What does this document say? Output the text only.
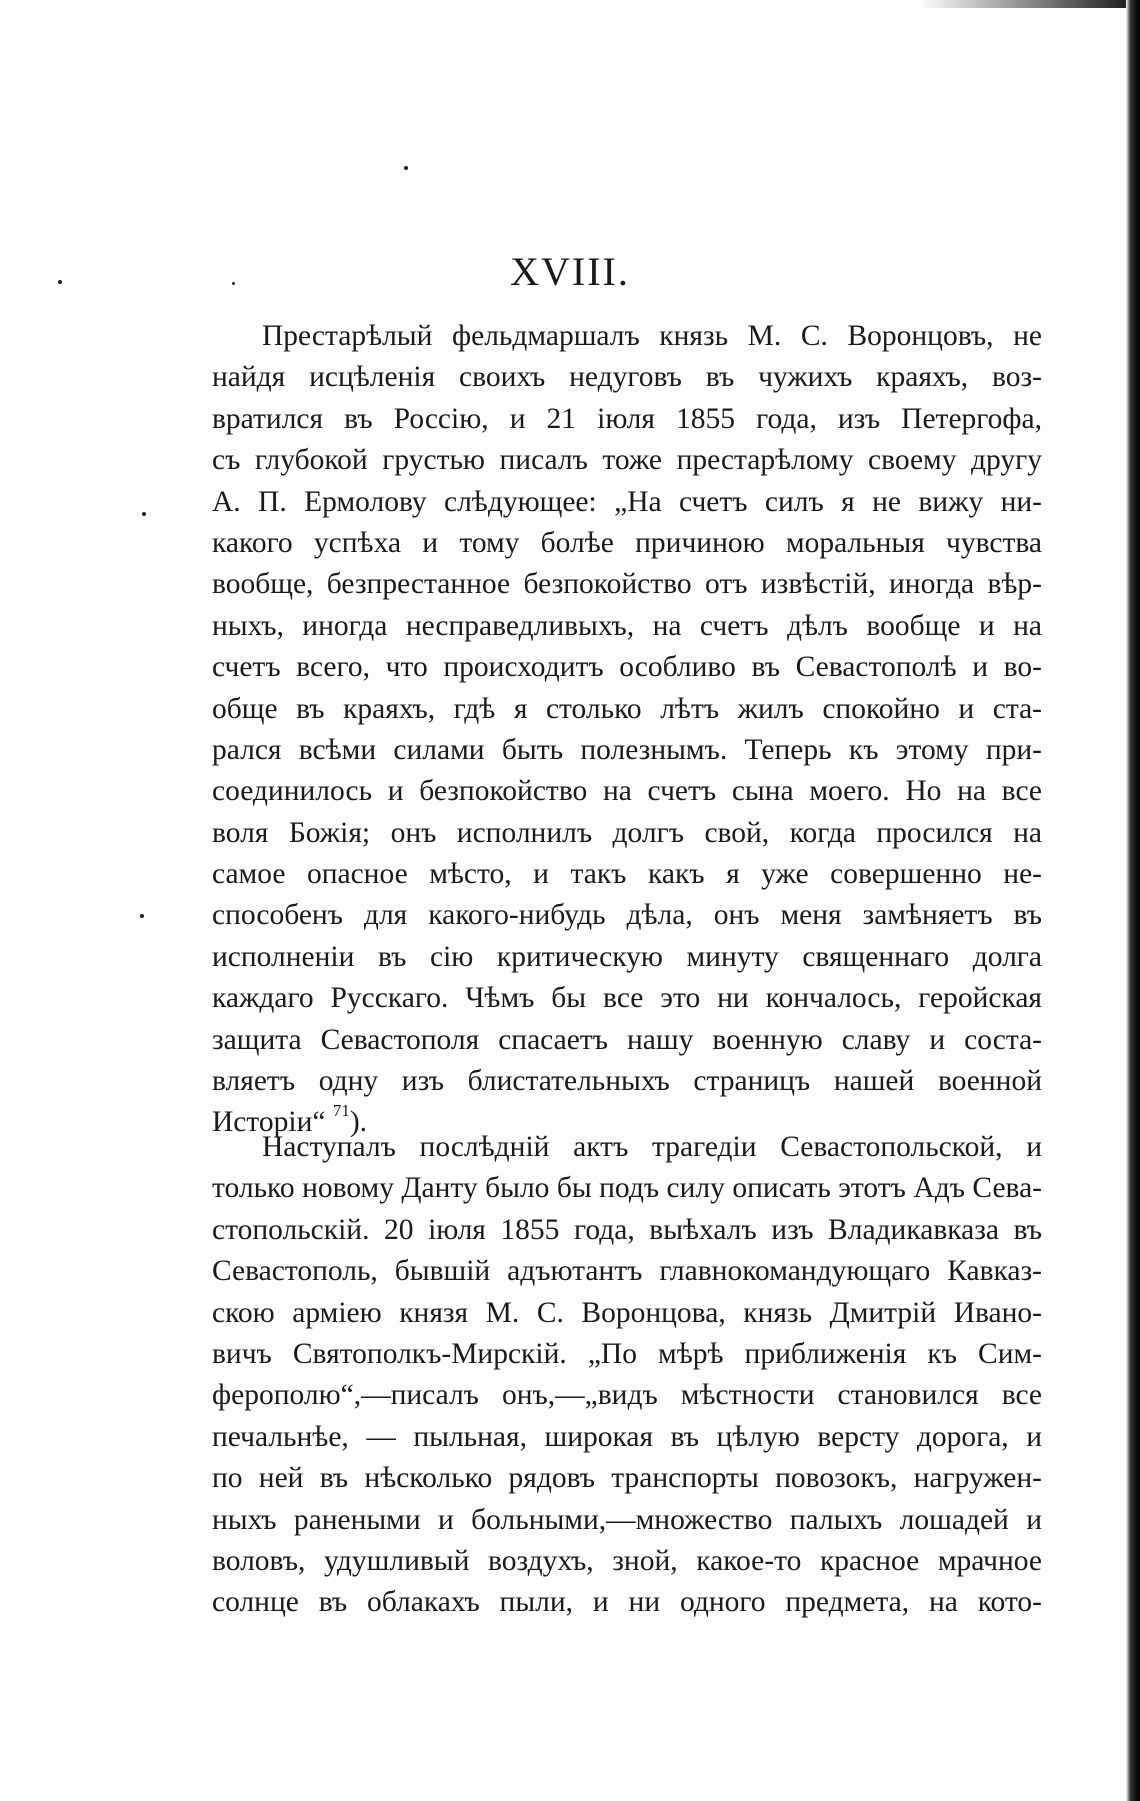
XVIII.
Престарѣлый фельдмаршалъ князь М. С. Воронцовъ, не
найдя исцѣленія своихъ недуговъ въ чужихъ краяхъ, воз-
вратился въ Россію, и 21 іюля 1855 года, изъ Петергофа,
съ глубокой грустью писалъ тоже престарѣлому своему другу
А. П. Ермолову слѣдующее: „На счетъ силъ я не вижу ни-
какого успѣха и тому болѣе причиною моральныя чувства
вообще, безпрестанное безпокойство отъ извѣстій, иногда вѣр-
ныхъ, иногда несправедливыхъ, на счетъ дѣлъ вообще и на
счетъ всего, что происходитъ особливо въ Севастополѣ и во-
обще въ краяхъ, гдѣ я столько лѣтъ жилъ спокойно и ста-
рался всѣми силами быть полезнымъ. Теперь къ этому при-
соединилось и безпокойство на счетъ сына моего. Но на все
воля Божія; онъ исполнилъ долгъ свой, когда просился на
самое опасное мѣсто, и такъ какъ я уже совершенно не-
способенъ для какого-нибудь дѣла, онъ меня замѣняетъ въ
исполненіи въ сію критическую минуту священнаго долга
каждаго Русскаго. Чѣмъ бы все это ни кончалось, геройская
защита Севастополя спасаетъ нашу военную славу и соста-
вляетъ одну изъ блистательныхъ страницъ нашей военной
Исторіи“ $^{71}$).
Наступалъ послѣдній актъ трагедіи Севастопольской, и
только новому Данту было бы подъ силу описать этотъ Адъ Сева-
стопольскій. 20 іюля 1855 года, выѣхалъ изъ Владикавказа въ
Севастополь, бывшій адъютантъ главнокомандующаго Кавказ-
скою арміею князя М. С. Воронцова, князь Дмитрій Ивано-
вичъ Святополкъ-Мирскій. „По мѣрѣ приближенія къ Сим-
ферополю“,—писалъ онъ,—„видъ мѣстности становился все
печальнѣе, — пыльная, широкая въ цѣлую версту дорога, и
по ней въ нѣсколько рядовъ транспорты повозокъ, нагружен-
ныхъ ранеными и больными,—множество палыхъ лошадей и
воловъ, удушливый воздухъ, зной, какое-то красное мрачное
солнце въ облакахъ пыли, и ни одного предмета, на кото-
